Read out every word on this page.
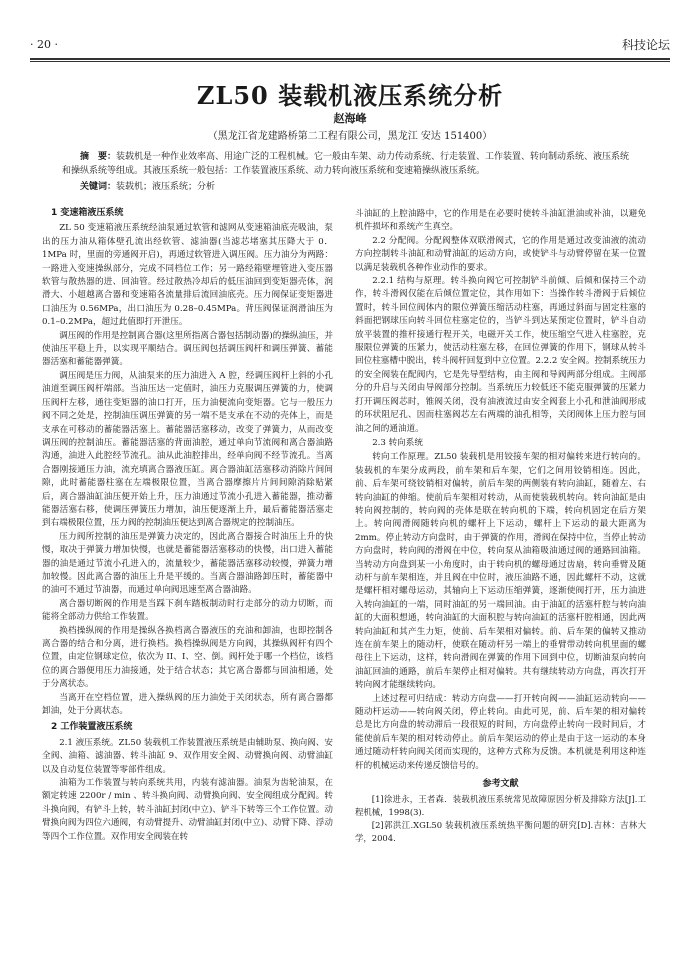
· 20 ·	科技论坛
ZL50 装载机液压系统分析
赵海峰
（黑龙江省龙建路桥第二工程有限公司，黑龙江 安达 151400）
摘　要：装载机是一种作业效率高、用途广泛的工程机械。它一般由车架、动力传动系统、行走装置、工作装置、转向制动系统、液压系统和操纵系统等组成。其液压系统一般包括：工作装置液压系统、动力转向液压系统和变速箱操纵液压系统。
关键词：装载机；液压系统；分析
1 变速箱液压系统

ZL 50 变速箱液压系统经油泵通过软管和滤网从变速箱油底壳吸油，泵出的压力油从箱体壁孔流出经软管、滤油器(当滤芯堵塞其压降大于 0．1MPa 时，里面的旁通阀开启)，再通过软管进入调压阀。压力油分为两路：一路进入变速操纵部分，完成不同档位工作；另一路经箱壁埋管进入变压器软管与散热器的进、回油管。经过散热冷却后的低压油回到变矩器壳体，润滑大、小超越离合器和变速箱各流量排后流回油底壳。压力阀保证变矩器进口油压为 0.56MPa，出口油压为 0.28–0.45MPa。背压阀保证润滑油压为 0.1–0.2MPa，超过此值即打开泄压。

调压阀的作用是控制离合器(这里所指离合器包括制动器)的操纵油压，并使油压平稳上升，以实现平顺结合。调压阀包括调压阀杆和调压弹簧、蓄能器活塞和蓄能器弹簧。

调压阀是压力阀，从油泵来的压力油进入 A 腔，经调压阀杆上斜的小孔油道至调压阀杆端部。当油压达一定值时，油压力克服调压弹簧的力，使调压阀杆左移，通往变矩器的油口打开，压力油便流向变矩器。它与一般压力阀不同之处是，控制油压调压弹簧的另一端不是支承在不动的壳体上，而是支承在可移动的蓄能器活塞上。蓄能器活塞移动，改变了弹簧力，从而改变调压阀的控制油压。蓄能器活塞的背面油腔，通过单向节流阀和离合器油路沟通，油进入此腔经节流孔。油从此油腔排出，经单向阀不经节流孔。当离合器刚接通压力油，流充填离合器液压缸。离合器油缸活塞移动消除片间间隙，此时蓄能器柱塞在左端极限位置，当离合器摩擦片片间间隙消除贴紧后，离合器油缸油压便开始上升，压力油通过节流小孔进入蓄能器，推动蓄能器活塞右移，使调压弹簧压力增加，油压便逐渐上升，最后蓄能器活塞走到右端极限位置，压力阀的控制油压便达到离合器规定的控制油压。

压力阀所控制的油压是弹簧力决定的，因此离合器接合时油压上升的快慢，取决于弹簧力增加快慢，也就是蓄能器活塞移动的快慢，出口进入蓄能器的油是通过节流小孔进入的，流量较少，蓄能器活塞移动较慢，弹簧力增加较慢。因此离合器的油压上升是平缓的。当离合器油路卸压时，蓄能器中的油可不通过节油器，而通过单向阀迅速至离合器油路。

离合器切断阀的作用是当踩下刹车踏板制动时行走部分的动力切断，而能将全部动力供给工作装置。

换档操纵阀的作用是操纵各换档离合器液压的充油和卸油，也即控制各离合器的结合和分离，进行换档。换档操纵阀是方向阀，其操纵阀杆有四个位置，由定位钢球定位，依次为 II、I、空、倒。阀杆处于哪一个档位，该档位的离合器便用压力油接通，处于结合状态；其它离合器都与回油相通，处于分离状态。

当离开在空档位置，进入操纵阀的压力油处于关闭状态，所有离合器都卸油，处于分离状态。

2 工作装置液压系统

2.1 液压系统。ZL50 装载机工作装置液压系统是由辅助泵、换向阀、安全阀、油箱、滤油器、转斗油缸 9、双作用安全阀、动臂换向阀、动臂油缸以及自动复位装置等零部件组成。

油箱为工作装置与转向系统共用，内装有滤油器。油泵为齿轮油泵，在额定转速 2200r / min 、转斗换向阀、动臂换向阀、安全阀组成分配阀。转斗换向阀，有铲斗上转，转斗油缸封闭(中立)、铲斗下转等三个工作位置。动臂换向阀为四位六通阀，有动臂提升、动臂油缸封闭(中立)、动臂下降、浮动等四个工作位置。双作用安全阀装在转

斗油缸的上腔油路中，它的作用是在必要时使转斗油缸泄油或补油，以避免机件损坏和系统产生真空。

2.2 分配阀。分配阀整体双联滑阀式，它的作用是通过改变油液的流动方向控制转斗油缸和动臂油缸的运动方向，或使铲斗与动臂停留在某一位置以满足装载机各种作业动作的要求。

2.2.1 结构与原理。转斗换向阀它可控制铲斗前倾、后倾和保持三个动作，转斗滑阀仅能在后倾位置定位，其作用如下：当操作转斗滑阀于后倾位置时，转斗回位阀体内的限位弹簧压缩活动柱塞，再通过斜面与固定柱塞的斜面把钢球压向转斗回位柱塞定位的，当铲斗到达某预定位置时，铲斗自动放平装置的推杆接通行程开关，电磁开关工作，使压缩空气进入柱塞腔，克服限位弹簧的压紧力，使活动柱塞左移，在回位弹簧的作用下，钢球从转斗回位柱塞槽中脱出，转斗阀杆回复到中立位置。2.2.2 安全阀。控制系统压力的安全阀装在配阀内，它是先导型结构，由主阀和导阀两部分组成。主阀部分的升启与关闭由导阀部分控制。当系统压力较低还不能克服弹簧的压紧力打开调压阀芯时，锥阀关闭，没有油液流过由安全阀套上小孔和泄油阀形成的环状阻尼孔、因而柱塞阀芯左右两端的油孔相等，关闭阀体上压力腔与回油之间的通油道。

2.3 转向系统

转向工作原理。ZL50 装载机是用铰接车架的相对偏转来进行转向的。装载机的车架分成两段，前车架和后车架，它们之间用铰销相连。因此，前、后车架可绕铰销相对偏转，前后车架的两侧装有转向油缸，随着左、右转向油缸的伸缩。使前后车架相对转动，从而使装载机转向。转向油缸是由转向阀控制的，转向阀的壳体是联在转向机的下端，转向机固定在后方架上。转向阀滑阀随转向机的螺杆上下运动，螺杆上下运动的最大距离为 2mm。停止转动方向盘时，由于弹簧的作用，滑阀在保持中位，当停止转动方向盘时，转向阀的滑阀在中位，转向泵从油箱吸油通过阀的通路回油箱。当转动方向盘到某一小角度时，由于转向机的螺母通过齿扇，转向垂臂及随动杆与前车架相连，并且阀在中位时，液压油路不通，因此螺杆不动，这就是螺杆相对螺母运动，其轴向上下运动压缩弹簧，逐渐使阀打开，压力油进入转向油缸的一端，同时油缸的另一端回油。由于油缸的活塞杆腔与转向油缸的大面积想通，转向油缸的大面积腔与转向油缸的活塞杆腔相通，因此两转向油缸和其产生力矩，使前、后车架相对偏转。前、后车架的偏转又推动连在前车架上的随动杆，使联在随动杆另一端上的垂臂带动转向机里面的螺母往上下运动，这样，转向滑阀在弹簧的作用下回到中位，切断油泵向转向油缸回油的通路，前后车架停止相对偏转。共有继续转动方向盘，再次打开转向阀才能继续转向。

上述过程可归结成：转动方向盘——打开转向阀——油缸运动转向——随动杆运动——转向阀关闭，停止转向。由此可见，前、后车架的相对偏转总是比方向盘的转动滞后一段很短的时间，方向盘停止转向一段时间后，才能使前后车架的相对转动停止。前后车架运动的停止是由于这一运动的本身通过随动杆转向阀关闭而实现的，这种方式称为反馈。本机就是利用这种连杆的机械运动来传递反馈信号的。

参考文献

[1]徐进永，王者森．装载机液压系统常见故障原因分析及排除方法[J].工程机械，1998(3).

[2]郭洪江.XGL50 装载机液压系统热平衡问题的研究[D].吉林：吉林大学，2004.
